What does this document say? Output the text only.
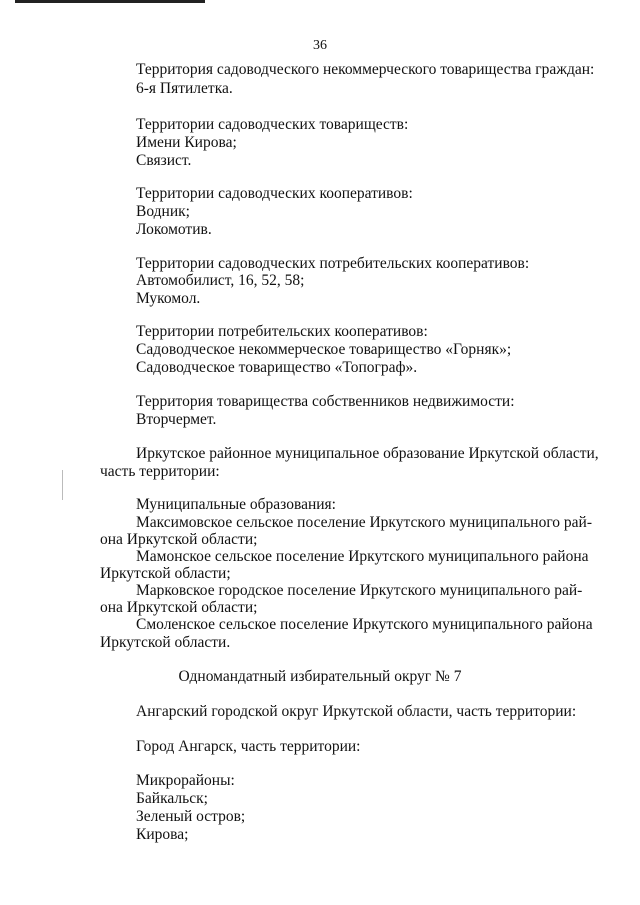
36
Территория садоводческого некоммерческого товарищества граждан:
6-я Пятилетка.
Территории садоводческих товариществ:
Имени Кирова;
Связист.
Территории садоводческих кооперативов:
Водник;
Локомотив.
Территории садоводческих потребительских кооперативов:
Автомобилист, 16, 52, 58;
Мукомол.
Территории потребительских кооперативов:
Садоводческое некоммерческое товарищество «Горняк»;
Садоводческое товарищество «Топограф».
Территория товарищества собственников недвижимости:
Вторчермет.
Иркутское районное муниципальное образование Иркутской области,
часть территории:
Муниципальные образования:
Максимовское сельское поселение Иркутского муниципального рай-
она Иркутской области;
Мамонское сельское поселение Иркутского муниципального района
Иркутской области;
Марковское городское поселение Иркутского муниципального рай-
она Иркутской области;
Смоленское сельское поселение Иркутского муниципального района
Иркутской области.
Одномандатный избирательный округ № 7
Ангарский городской округ Иркутской области, часть территории:
Город Ангарск, часть территории:
Микрорайоны:
Байкальск;
Зеленый остров;
Кирова;
